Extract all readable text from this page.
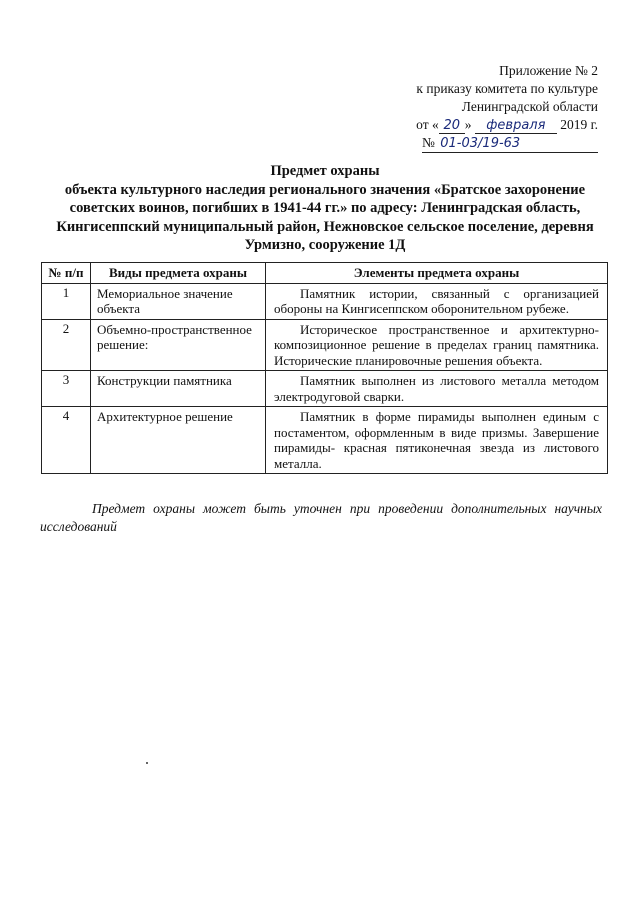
Приложение № 2
к приказу комитета по культуре
Ленинградской области
от « 20 » февраля 2019 г.
№ 01-03/19-63
Предмет охраны
объекта культурного наследия регионального значения «Братское захоронение советских воинов, погибших в 1941-44 гг.» по адресу: Ленинградская область, Кингисеппский муниципальный район, Нежновское сельское поселение, деревня Урмизно, сооружение 1Д
№ п/п	Виды предмета охраны	Элементы предмета охраны
1	Мемориальное значение объекта	Памятник истории, связанный с организацией обороны на Кингисеппском оборонительном рубеже.

2	Объемно-пространственное решение:	Историческое пространственное и архитектурно-композиционное решение в пределах границ памятника. Исторические планировочные решения объекта.

3	Конструкции памятника	Памятник выполнен из листового металла методом электродуговой сварки.

4	Архитектурное решение	Памятник в форме пирамиды выполнен единым с постаментом, оформленным в виде призмы. Завершение пирамиды- красная пятиконечная звезда из листового металла.
Предмет охраны может быть уточнен при проведении дополнительных научных исследований
